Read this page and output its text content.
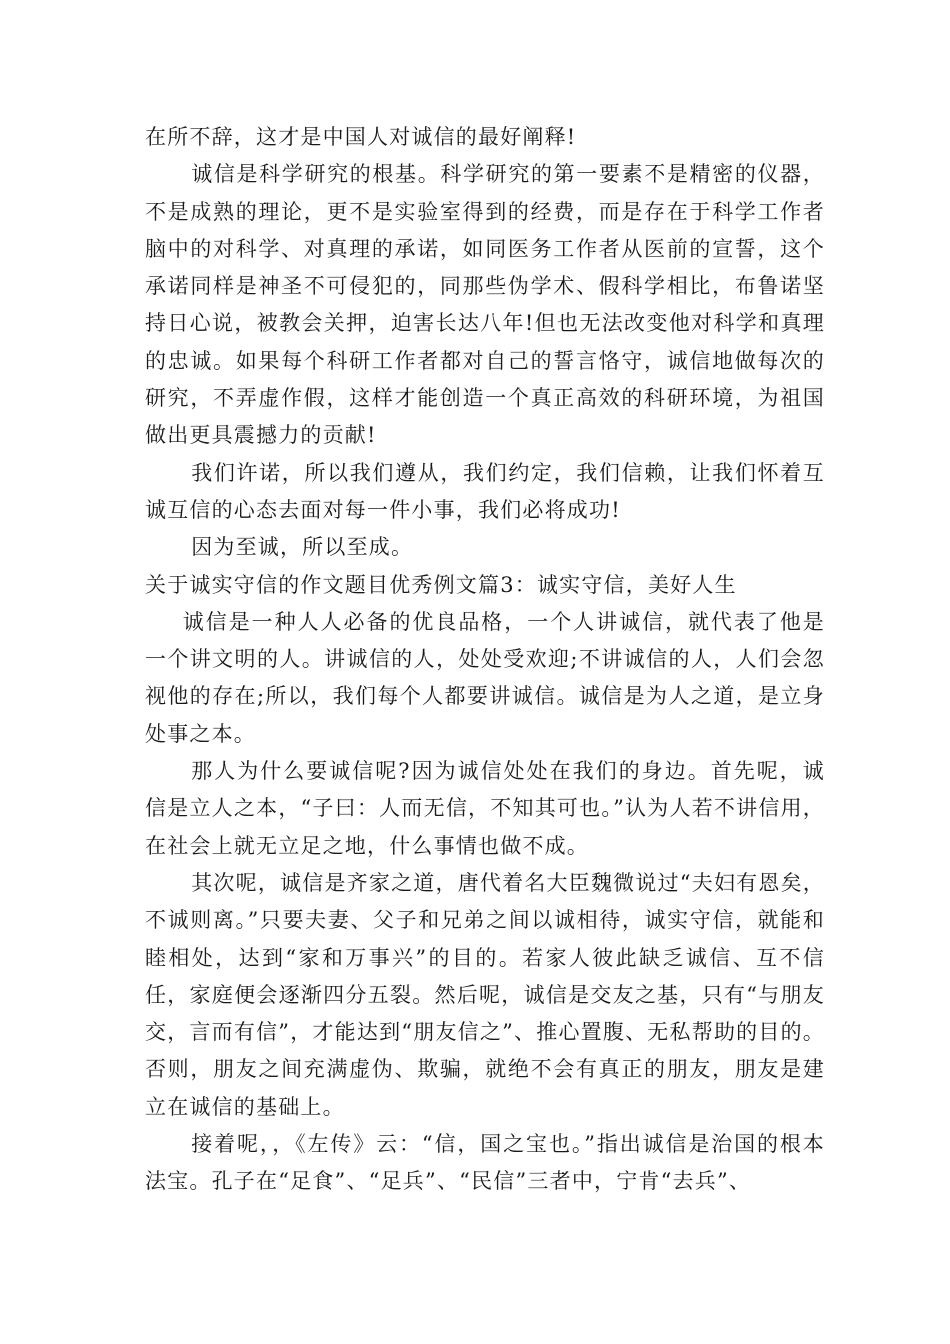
在所不辞，这才是中国人对诚信的最好阐释!

诚信是科学研究的根基。科学研究的第一要素不是精密的仪器，不是成熟的理论，更不是实验室得到的经费，而是存在于科学工作者脑中的对科学、对真理的承诺，如同医务工作者从医前的宣誓，这个承诺同样是神圣不可侵犯的，同那些伪学术、假科学相比，布鲁诺坚持日心说，被教会关押，迫害长达八年!但也无法改变他对科学和真理的忠诚。如果每个科研工作者都对自己的誓言恪守，诚信地做每次的研究，不弄虚作假，这样才能创造一个真正高效的科研环境，为祖国做出更具震撼力的贡献!

我们许诺，所以我们遵从，我们约定，我们信赖，让我们怀着互诚互信的心态去面对每一件小事，我们必将成功!

因为至诚，所以至成。

关于诚实守信的作文题目优秀例文篇3：诚实守信，美好人生

诚信是一种人人必备的优良品格，一个人讲诚信，就代表了他是一个讲文明的人。讲诚信的人，处处受欢迎;不讲诚信的人，人们会忽视他的存在;所以，我们每个人都要讲诚信。诚信是为人之道，是立身处事之本。

那人为什么要诚信呢?因为诚信处处在我们的身边。首先呢，诚信是立人之本，“子曰：人而无信，不知其可也。”认为人若不讲信用，在社会上就无立足之地，什么事情也做不成。

其次呢，诚信是齐家之道，唐代着名大臣魏微说过“夫妇有恩矣，不诚则离。”只要夫妻、父子和兄弟之间以诚相待，诚实守信，就能和睦相处，达到“家和万事兴”的目的。若家人彼此缺乏诚信、互不信任，家庭便会逐渐四分五裂。然后呢，诚信是交友之基，只有“与朋友交，言而有信”，才能达到“朋友信之”、推心置腹、无私帮助的目的。否则，朋友之间充满虚伪、欺骗，就绝不会有真正的朋友，朋友是建立在诚信的基础上。

接着呢，，《左传》云：“信，国之宝也。”指出诚信是治国的根本法宝。孔子在“足食”、“足兵”、“民信”三者中，宁肯“去兵”、
